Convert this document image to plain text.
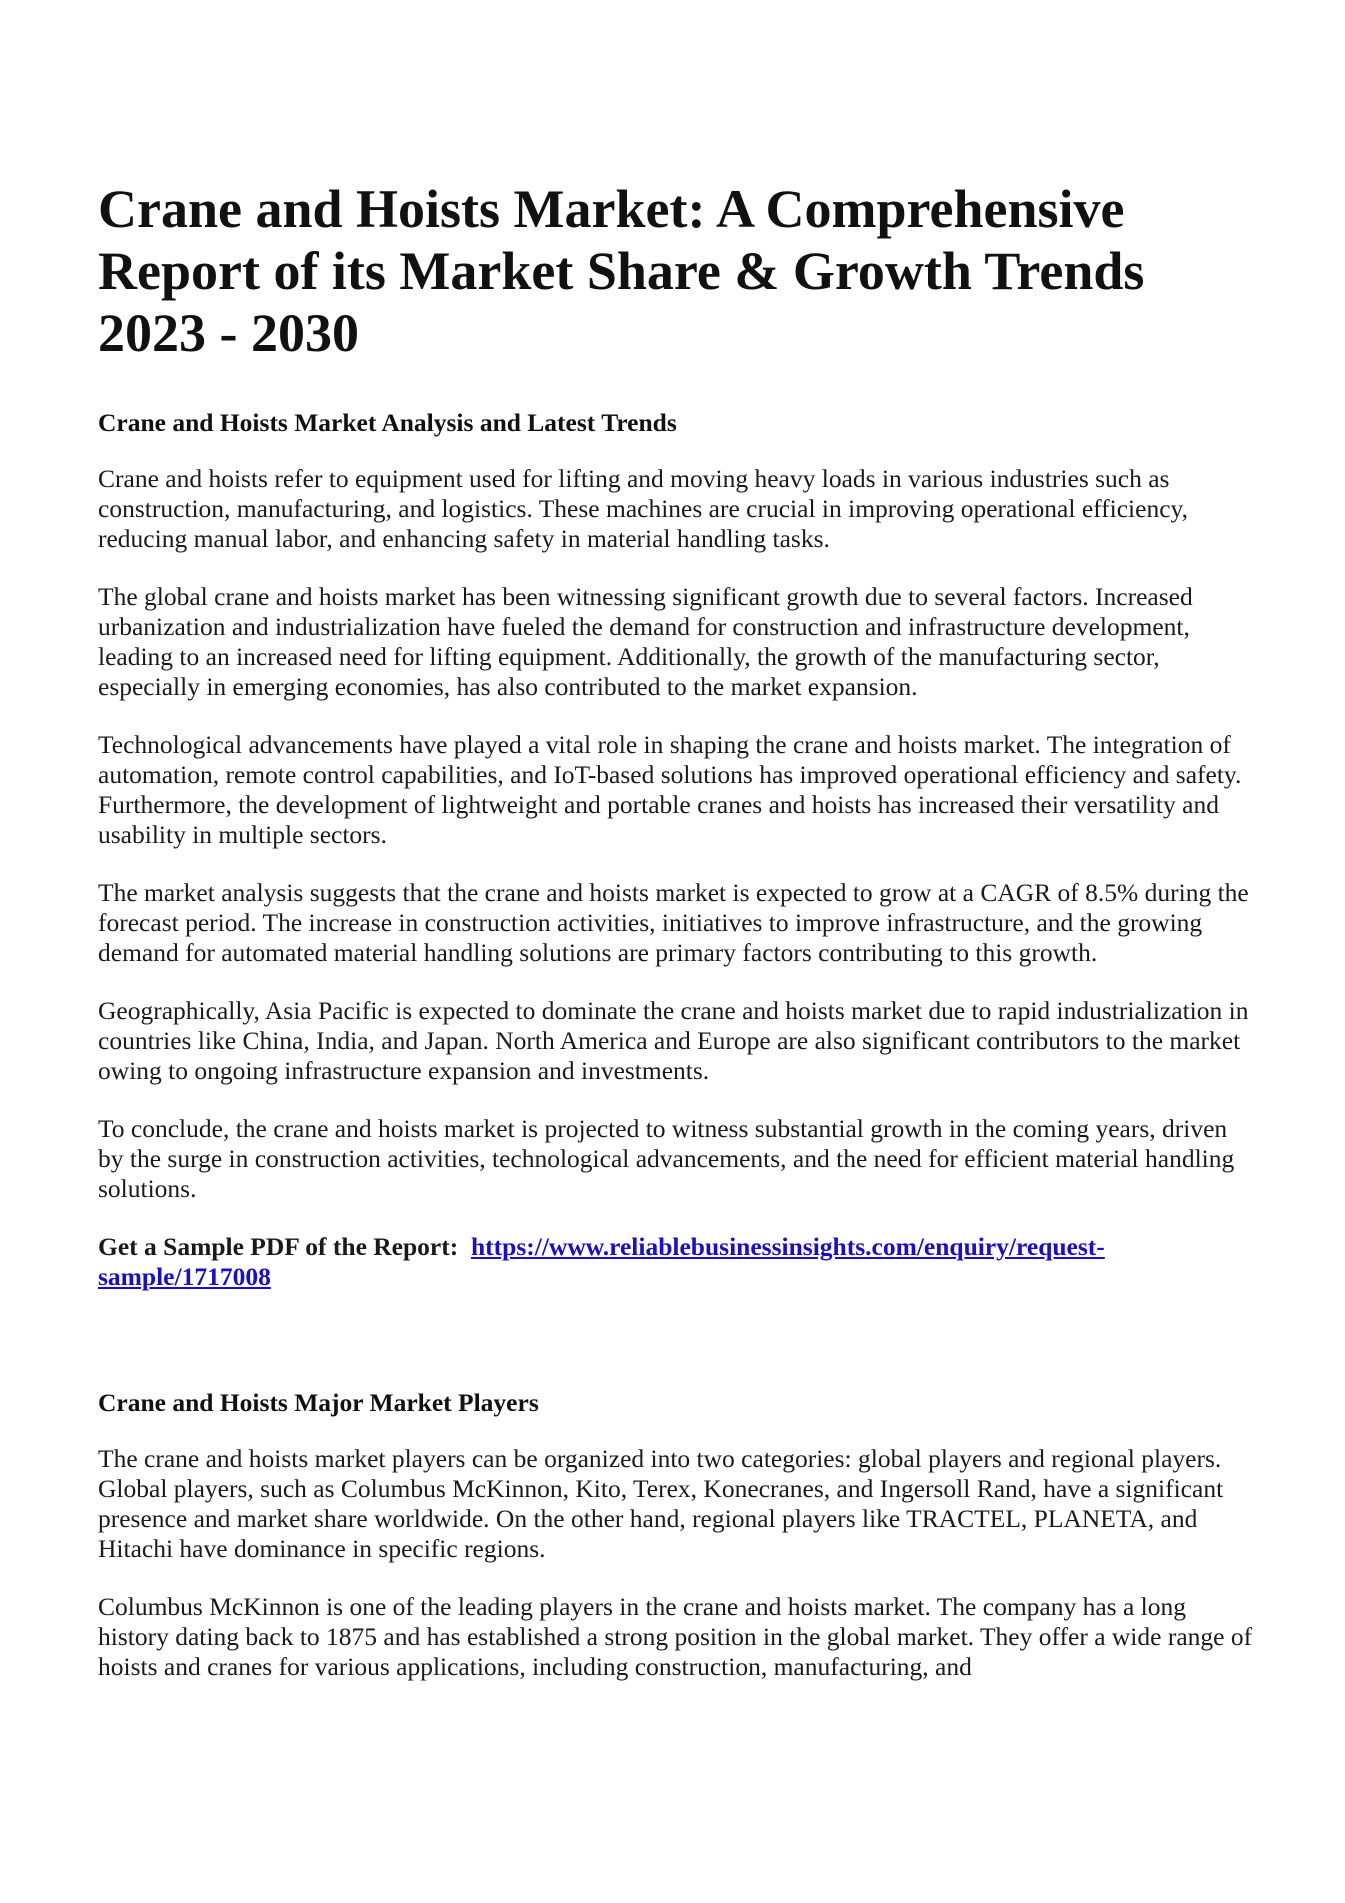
Crane and Hoists Market: A Comprehensive Report of its Market Share & Growth Trends 2023 - 2030
Crane and Hoists Market Analysis and Latest Trends

Crane and hoists refer to equipment used for lifting and moving heavy loads in various industries such as construction, manufacturing, and logistics. These machines are crucial in improving operational efficiency, reducing manual labor, and enhancing safety in material handling tasks.

The global crane and hoists market has been witnessing significant growth due to several factors. Increased urbanization and industrialization have fueled the demand for construction and infrastructure development, leading to an increased need for lifting equipment. Additionally, the growth of the manufacturing sector, especially in emerging economies, has also contributed to the market expansion.

Technological advancements have played a vital role in shaping the crane and hoists market. The integration of automation, remote control capabilities, and IoT-based solutions has improved operational efficiency and safety. Furthermore, the development of lightweight and portable cranes and hoists has increased their versatility and usability in multiple sectors.

The market analysis suggests that the crane and hoists market is expected to grow at a CAGR of 8.5% during the forecast period. The increase in construction activities, initiatives to improve infrastructure, and the growing demand for automated material handling solutions are primary factors contributing to this growth.

Geographically, Asia Pacific is expected to dominate the crane and hoists market due to rapid industrialization in countries like China, India, and Japan. North America and Europe are also significant contributors to the market owing to ongoing infrastructure expansion and investments.

To conclude, the crane and hoists market is projected to witness substantial growth in the coming years, driven by the surge in construction activities, technological advancements, and the need for efficient material handling solutions.

Get a Sample PDF of the Report: https://www.reliablebusinessinsights.com/enquiry/request-sample/1717008

Crane and Hoists Major Market Players

The crane and hoists market players can be organized into two categories: global players and regional players. Global players, such as Columbus McKinnon, Kito, Terex, Konecranes, and Ingersoll Rand, have a significant presence and market share worldwide. On the other hand, regional players like TRACTEL, PLANETA, and Hitachi have dominance in specific regions.

Columbus McKinnon is one of the leading players in the crane and hoists market. The company has a long history dating back to 1875 and has established a strong position in the global market. They offer a wide range of hoists and cranes for various applications, including construction, manufacturing, and
